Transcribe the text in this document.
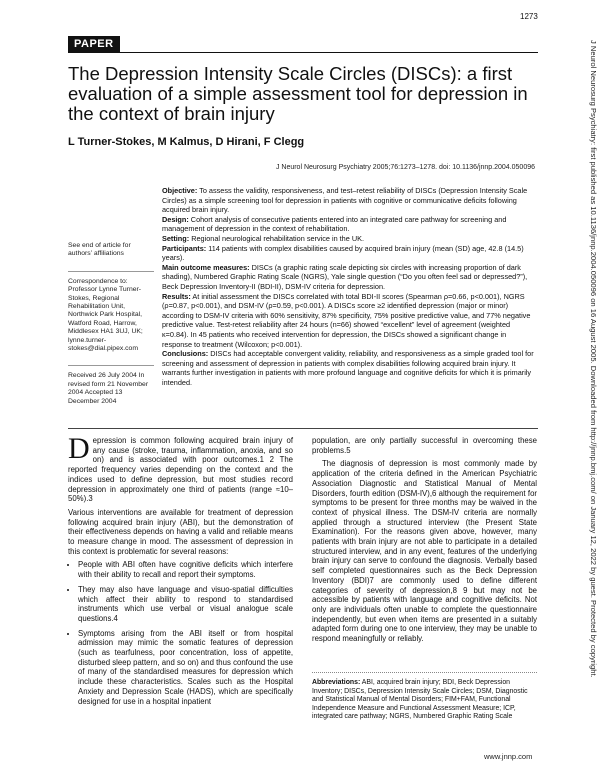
1273
J Neurol Neurosurg Psychiatry: first published as 10.1136/jnnp.2004.050096 on 16 August 2005. Downloaded from http://jnnp.bmj.com/ on January 12, 2022 by guest. Protected by copyright.
PAPER
The Depression Intensity Scale Circles (DISCs): a first evaluation of a simple assessment tool for depression in the context of brain injury
L Turner-Stokes, M Kalmus, D Hirani, F Clegg
J Neurol Neurosurg Psychiatry 2005;76:1273–1278. doi: 10.1136/jnnp.2004.050096

Objective: To assess the validity, responsiveness, and test–retest reliability of DISCs (Depression Intensity Scale Circles) as a simple screening tool for depression in patients with cognitive or communicative deficits following acquired brain injury.

Design: Cohort analysis of consecutive patients entered into an integrated care pathway for screening and management of depression in the context of rehabilitation.

Setting: Regional neurological rehabilitation service in the UK.

Participants: 114 patients with complex disabilities caused by acquired brain injury (mean (SD) age, 42.8 (14.5) years).

Main outcome measures: DISCs (a graphic rating scale depicting six circles with increasing proportion of dark shading), Numbered Graphic Rating Scale (NGRS), Yale single question (“Do you often feel sad or depressed?”), Beck Depression Inventory-II (BDI-II), DSM-IV criteria for depression.

Results: At initial assessment the DISCs correlated with total BDI-II scores (Spearman ρ=0.66, p<0.001), NGRS (ρ=0.87, p<0.001), and DSM-IV (ρ=0.59, p<0.001). A DISCs score ≥2 identified depression (major or minor) according to DSM-IV criteria with 60% sensitivity, 87% specificity, 75% positive predictive value, and 77% negative predictive value. Test-retest reliability after 24 hours (n=66) showed “excellent” level of agreement (weighted κ=0.84). In 45 patients who received intervention for depression, the DISCs showed a significant change in response to treatment (Wilcoxon; p<0.001).

Conclusions: DISCs had acceptable convergent validity, reliability, and responsiveness as a simple graded tool for screening and assessment of depression in patients with complex disabilities following acquired brain injury. It warrants further investigation in patients with more profound language and cognitive deficits for which it is primarily intended.

See end of article for authors’ affiliations
Correspondence to: Professor Lynne Turner-Stokes, Regional Rehabilitation Unit, Northwick Park Hospital, Watford Road, Harrow, Middlesex HA1 3UJ, UK; lynne.turner-stokes@dial.pipex.com
Received 26 July 2004 In revised form 21 November 2004 Accepted 13 December 2004

Depression is common following acquired brain injury of any cause (stroke, trauma, inflammation, anoxia, and so on) and is associated with poor outcomes.1 2 The reported frequency varies depending on the context and the indices used to define depression, but most studies record depression in approximately one third of patients (range ≈10–50%).3

Various interventions are available for treatment of depression following acquired brain injury (ABI), but the demonstration of their effectiveness depends on having a valid and reliable means to measure change in mood. The assessment of depression in this context is problematic for several reasons:

• People with ABI often have cognitive deficits which interfere with their ability to recall and report their symptoms.
• They may also have language and visuo-spatial difficulties which affect their ability to respond to standardised instruments which use verbal or visual analogue scale questions.4
• Symptoms arising from the ABI itself or from hospital admission may mimic the somatic features of depression (such as tearfulness, poor concentration, loss of appetite, disturbed sleep pattern, and so on) and thus confound the use of many of the standardised measures for depression which include these characteristics. Scales such as the Hospital Anxiety and Depression Scale (HADS), which are specifically designed for use in a hospital inpatient

population, are only partially successful in overcoming these problems.5

The diagnosis of depression is most commonly made by application of the criteria defined in the American Psychiatric Association Diagnostic and Statistical Manual of Mental Disorders, fourth edition (DSM-IV),6 although the requirement for symptoms to be present for three months may be waived in the context of physical illness. The DSM-IV criteria are normally applied through a structured interview (the Present State Examination). For the reasons given above, however, many patients with brain injury are not able to participate in a detailed structured interview, and in any event, features of the underlying brain injury can serve to confound the diagnosis. Verbally based self completed questionnaires such as the Beck Depression Inventory (BDI)7 are commonly used to define different categories of severity of depression,8 9 but may not be accessible by patients with language and cognitive deficits. Not only are individuals often unable to complete the questionnaire independently, but even when items are presented in a suitably adapted form during one to one interview, they may be unable to respond meaningfully or reliably.

Abbreviations: ABI, acquired brain injury; BDI, Beck Depression Inventory; DISCs, Depression Intensity Scale Circles; DSM, Diagnostic and Statistical Manual of Mental Disorders; FIM+FAM, Functional Independence Measure and Functional Assessment Measure; ICP, integrated care pathway; NGRS, Numbered Graphic Rating Scale
www.jnnp.com
